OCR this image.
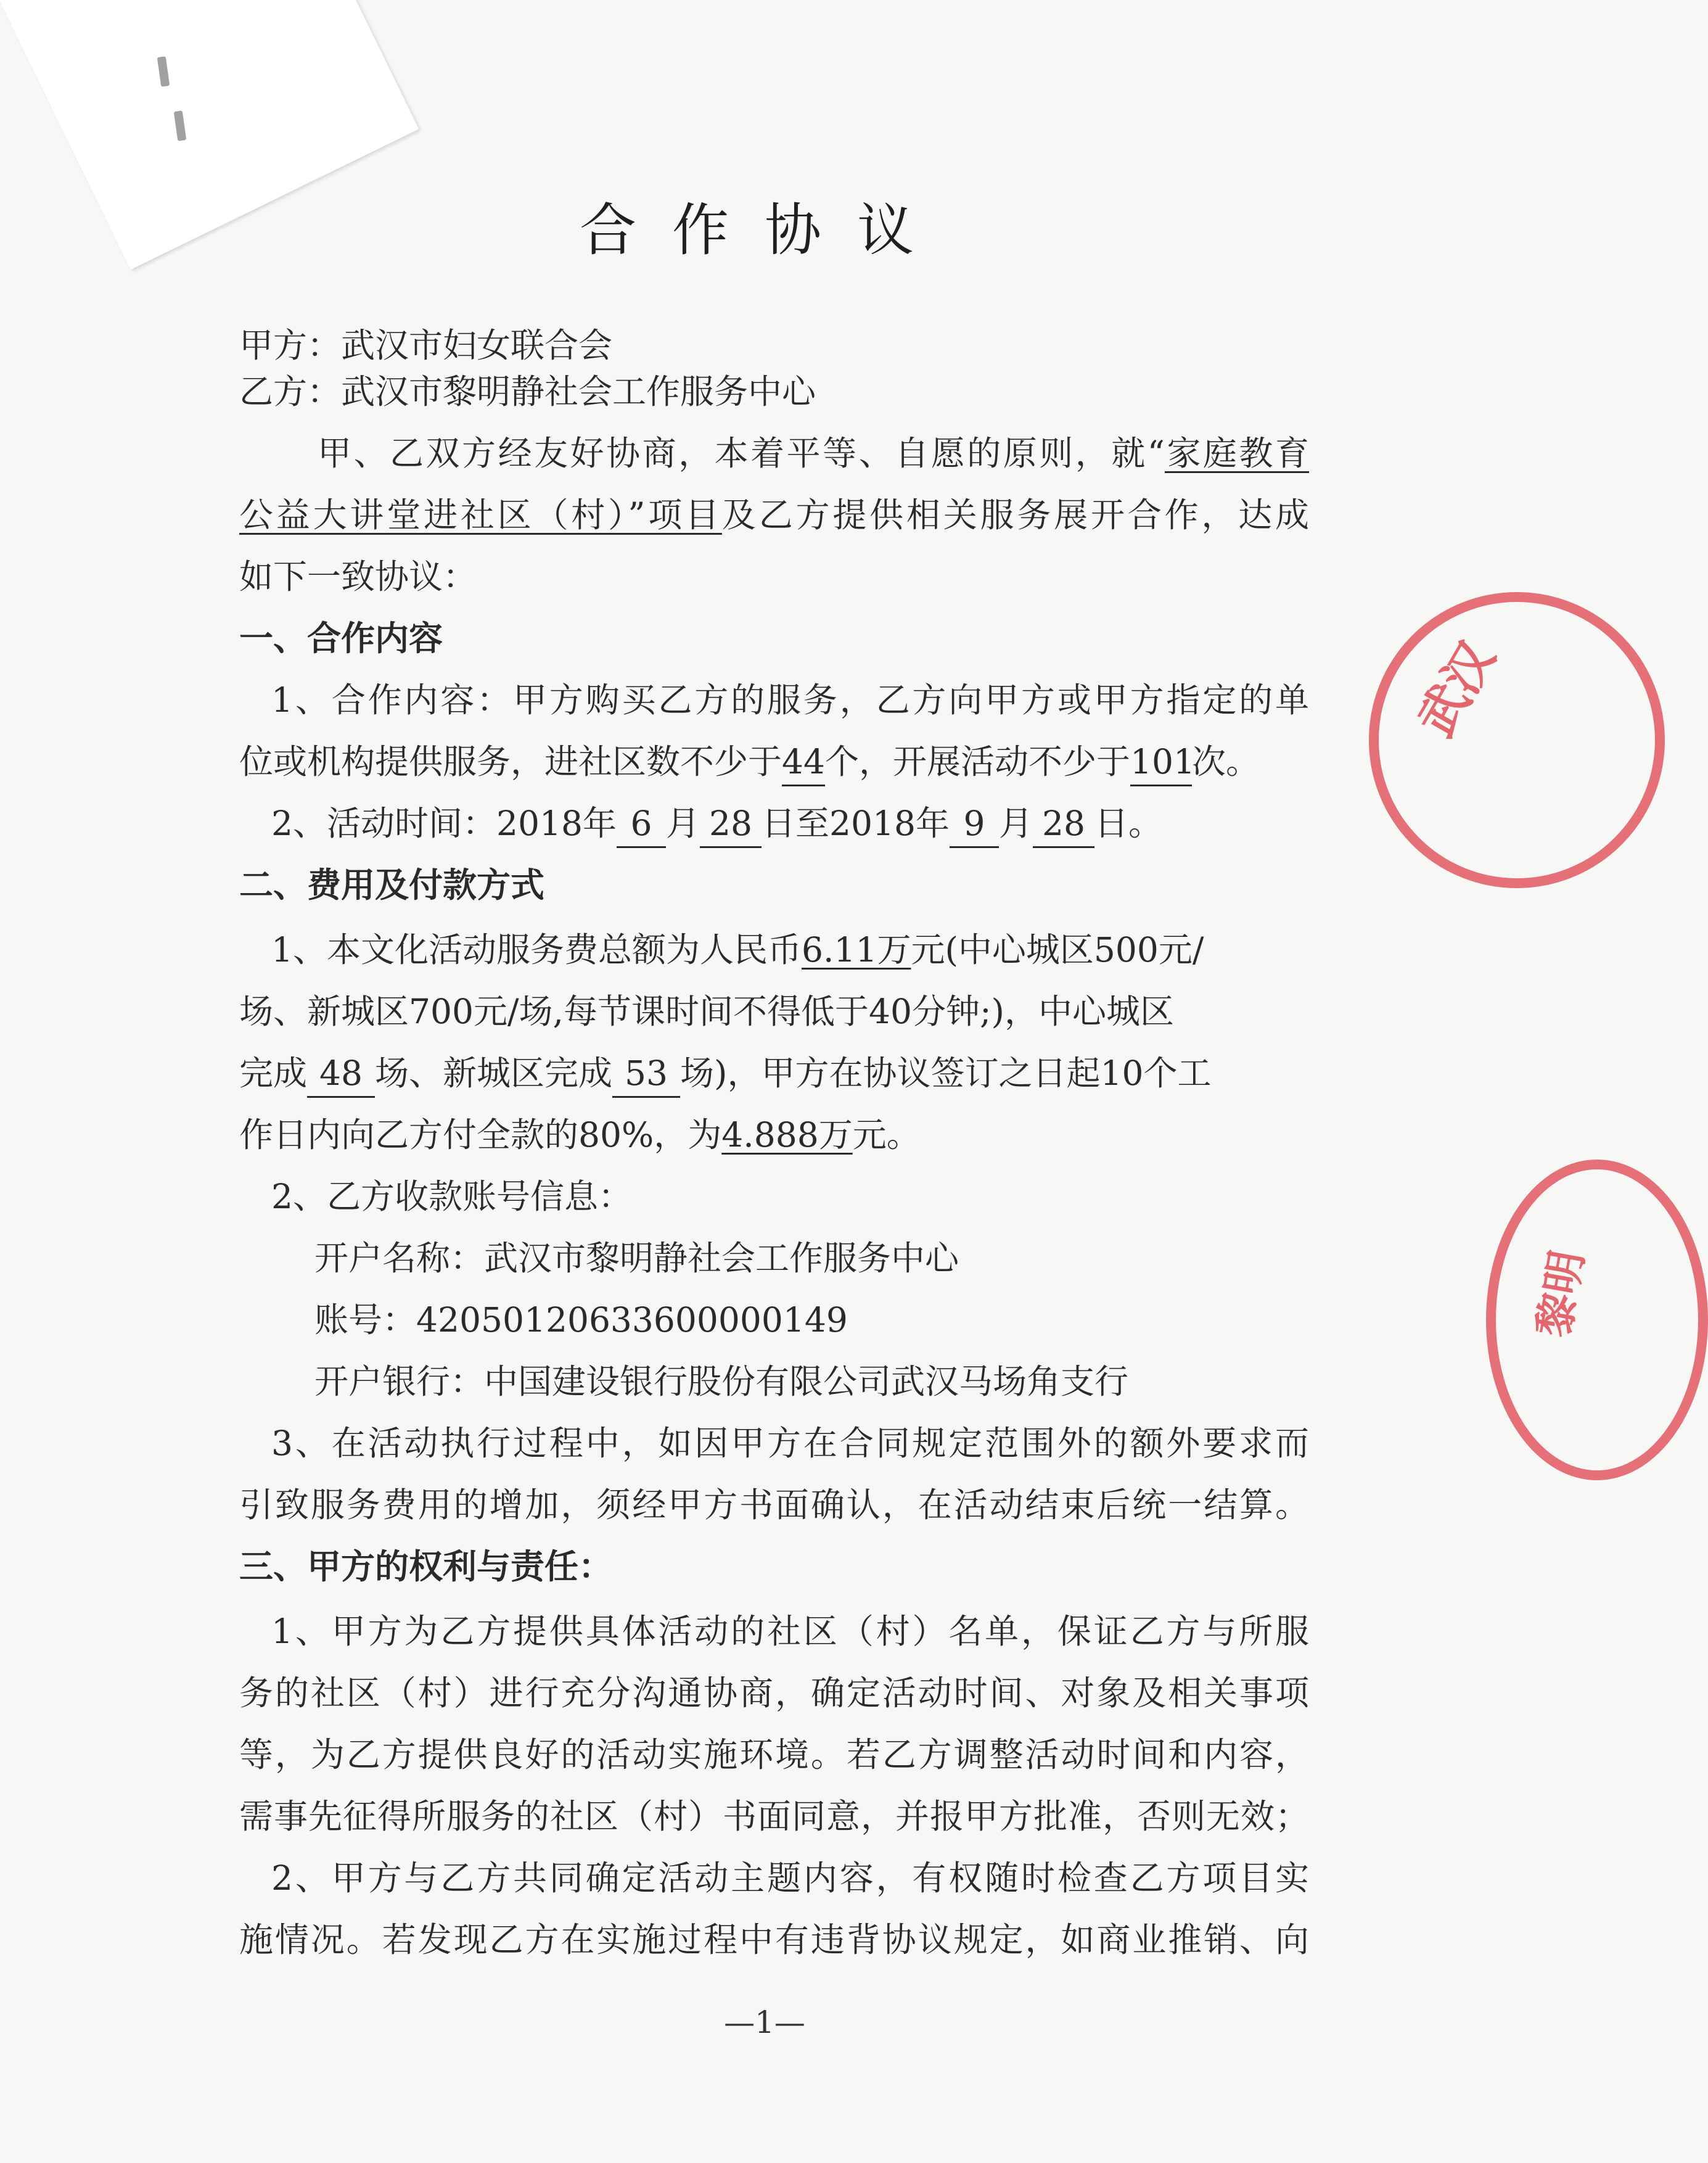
武汉
黎明
合作协议
甲方：武汉市妇女联合会
乙方：武汉市黎明静社会工作服务中心
甲、乙双方经友好协商，本着平等、自愿的原则，就“家庭教育
公益大讲堂进社区（村）”项目及乙方提供相关服务展开合作，达成
如下一致协议：
一、合作内容
1、合作内容：甲方购买乙方的服务，乙方向甲方或甲方指定的单
位或机构提供服务，进社区数不少于44个，开展活动不少于101次。
2、活动时间：2018年 6 月 28 日至2018年 9 月 28 日。
二、费用及付款方式
1、本文化活动服务费总额为人民币6.11万元(中心城区500元/
场、新城区700元/场,每节课时间不得低于40分钟;)，中心城区
完成 48 场、新城区完成 53 场)，甲方在协议签订之日起10个工
作日内向乙方付全款的80%，为4.888万元。
2、乙方收款账号信息：
开户名称：武汉市黎明静社会工作服务中心
账号：42050120633600000149
开户银行：中国建设银行股份有限公司武汉马场角支行
3、在活动执行过程中，如因甲方在合同规定范围外的额外要求而
引致服务费用的增加，须经甲方书面确认，在活动结束后统一结算。
三、甲方的权利与责任：
1、甲方为乙方提供具体活动的社区（村）名单，保证乙方与所服
务的社区（村）进行充分沟通协商，确定活动时间、对象及相关事项
等，为乙方提供良好的活动实施环境。若乙方调整活动时间和内容，
需事先征得所服务的社区（村）书面同意，并报甲方批准，否则无效；
2、甲方与乙方共同确定活动主题内容，有权随时检查乙方项目实
施情况。若发现乙方在实施过程中有违背协议规定，如商业推销、向
—1—
